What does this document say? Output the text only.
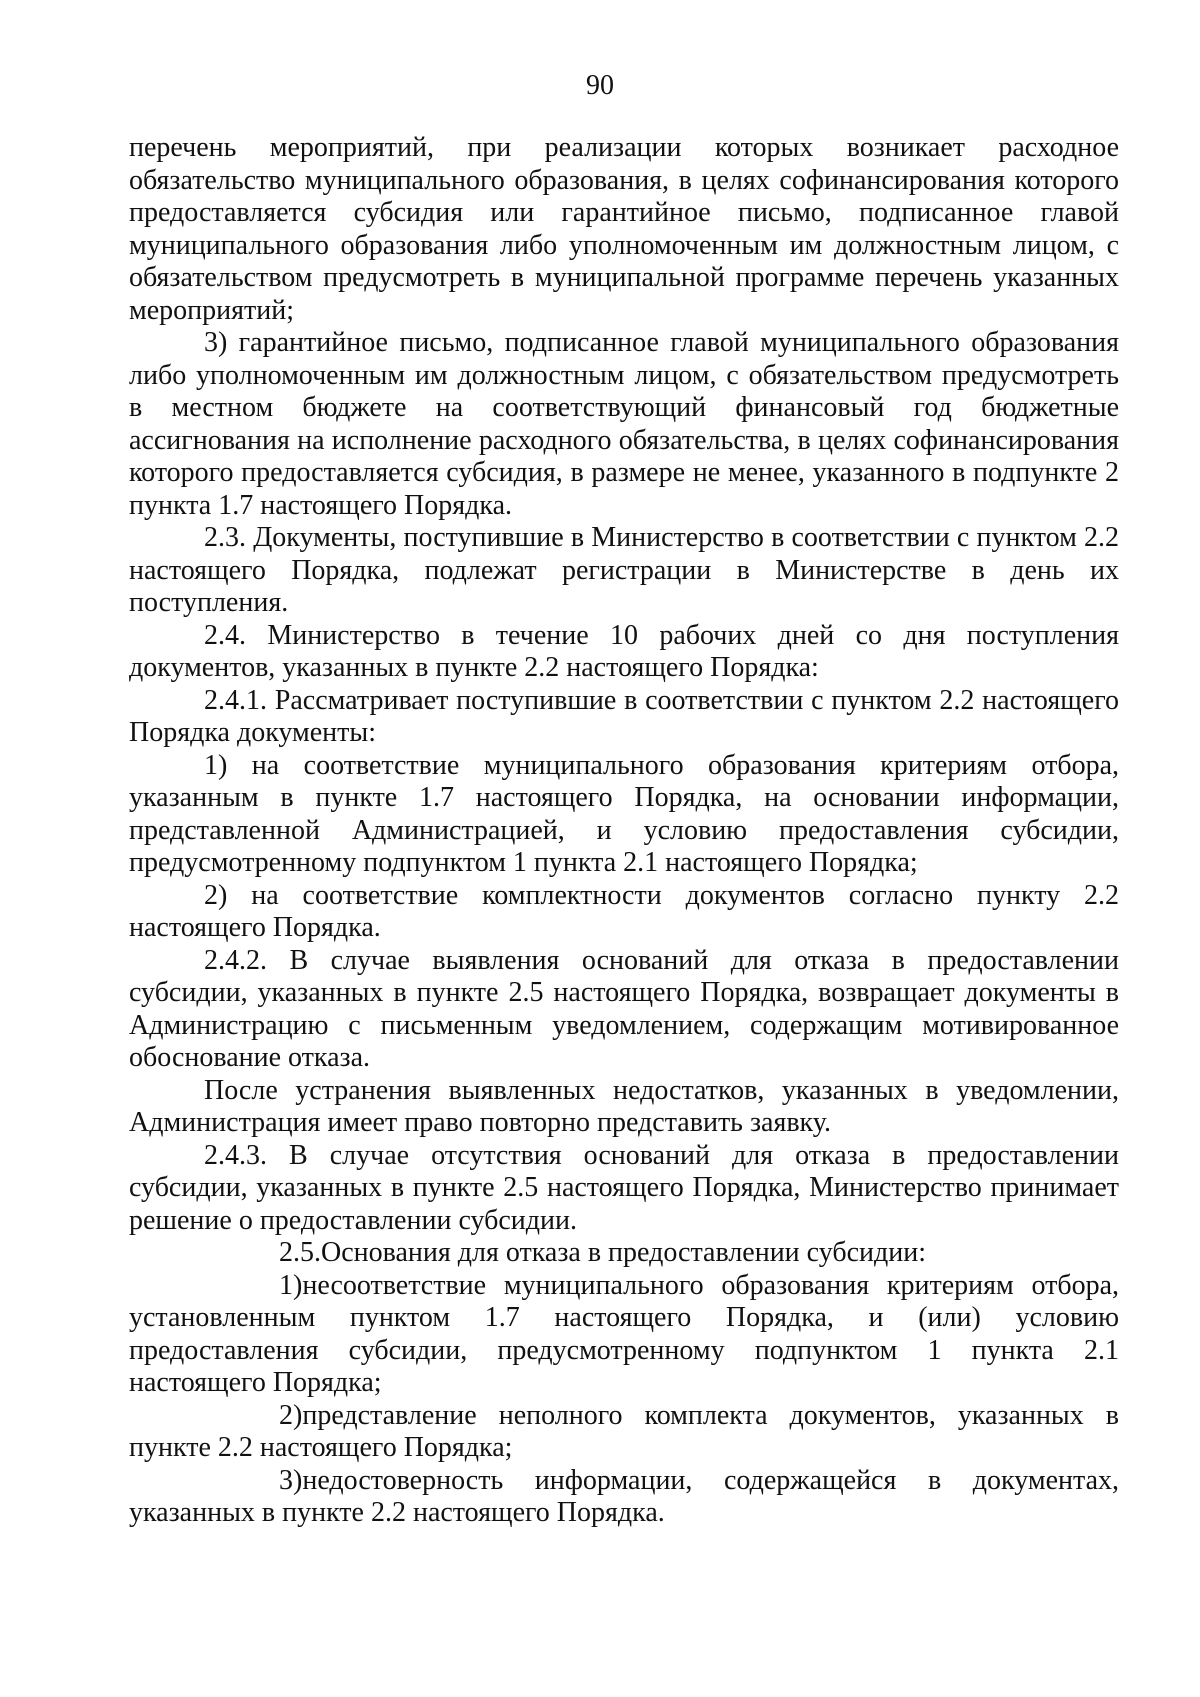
90

перечень мероприятий, при реализации которых возникает расходное обязательство муниципального образования, в целях софинансирования которого предоставляется субсидия или гарантийное письмо, подписанное главой муниципального образования либо уполномоченным им должностным лицом, с обязательством предусмотреть в муниципальной программе перечень указанных мероприятий;

3) гарантийное письмо, подписанное главой муниципального образования либо уполномоченным им должностным лицом, с обязательством предусмотреть в местном бюджете на соответствующий финансовый год бюджетные ассигнования на исполнение расходного обязательства, в целях софинансирования которого предоставляется субсидия, в размере не менее, указанного в подпункте 2 пункта 1.7 настоящего Порядка.

2.3. Документы, поступившие в Министерство в соответствии с пунктом 2.2 настоящего Порядка, подлежат регистрации в Министерстве в день их поступления.

2.4. Министерство в течение 10 рабочих дней со дня поступления документов, указанных в пункте 2.2 настоящего Порядка:

2.4.1. Рассматривает поступившие в соответствии с пунктом 2.2 настоящего Порядка документы:

1) на соответствие муниципального образования критериям отбора, указанным в пункте 1.7 настоящего Порядка, на основании информации, представленной Администрацией, и условию предоставления субсидии, предусмотренному подпунктом 1 пункта 2.1 настоящего Порядка;

2) на соответствие комплектности документов согласно пункту 2.2 настоящего Порядка.

2.4.2. В случае выявления оснований для отказа в предоставлении субсидии, указанных в пункте 2.5 настоящего Порядка, возвращает документы в Администрацию с письменным уведомлением, содержащим мотивированное обоснование отказа.

После устранения выявленных недостатков, указанных в уведомлении, Администрация имеет право повторно представить заявку.

2.4.3. В случае отсутствия оснований для отказа в предоставлении субсидии, указанных в пункте 2.5 настоящего Порядка, Министерство принимает решение о предоставлении субсидии.

2.5.Основания для отказа в предоставлении субсидии:

1)несоответствие муниципального образования критериям отбора, установленным пунктом 1.7 настоящего Порядка, и (или) условию предоставления субсидии, предусмотренному подпунктом 1 пункта 2.1 настоящего Порядка;

2)представление неполного комплекта документов, указанных в пункте 2.2 настоящего Порядка;

3)недостоверность информации, содержащейся в документах, указанных в пункте 2.2 настоящего Порядка.
